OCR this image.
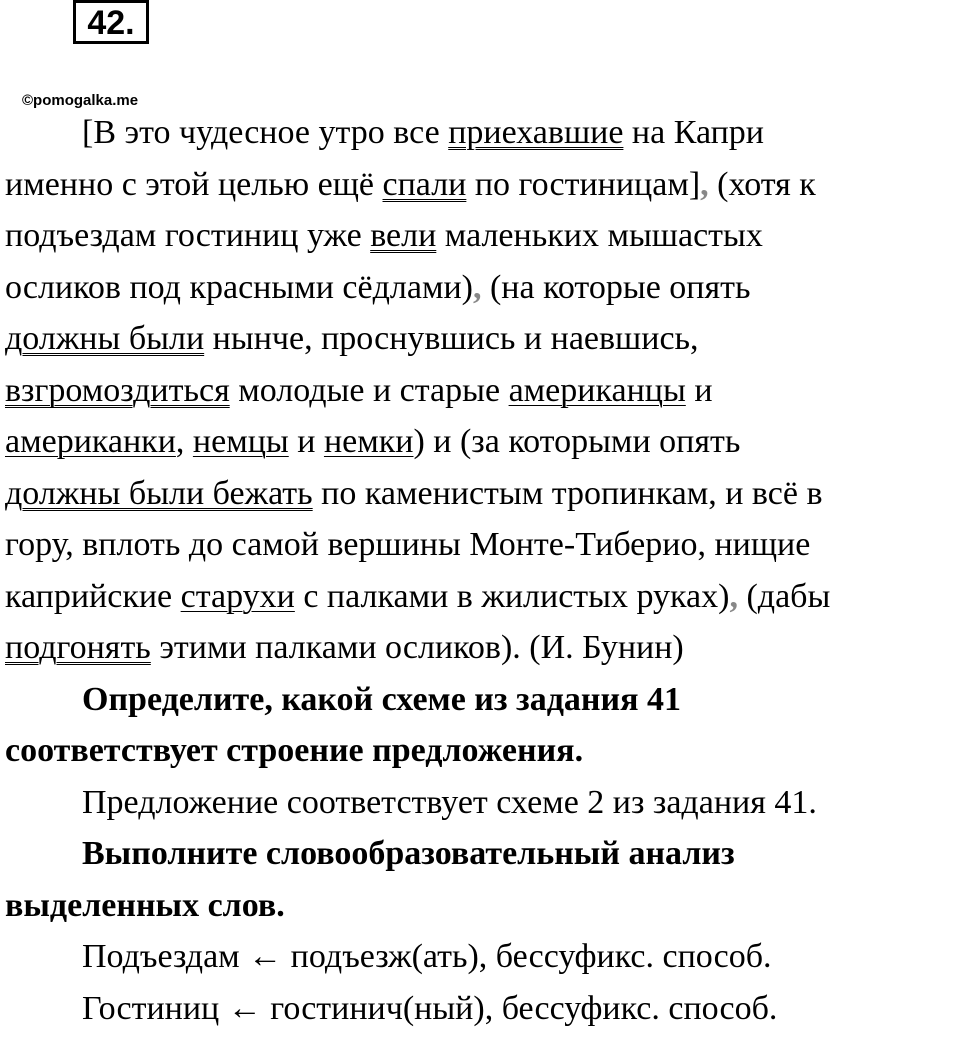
42.
©pomogalka.me
[В это чудесное утро все приехавшие на Капри
именно с этой целью ещё спали по гостиницам], (хотя к
подъездам гостиниц уже вели маленьких мышастых
осликов под красными сёдлами), (на которые опять
должны были нынче, проснувшись и наевшись,
взгромоздиться молодые и старые американцы и
американки, немцы и немки) и (за которыми опять
должны были бежать по каменистым тропинкам, и всё в
гору, вплоть до самой вершины Монте-Тиберио, нищие
каприйские старухи с палками в жилистых руках), (дабы
подгонять этими палками осликов). (И. Бунин)
Определите, какой схеме из задания 41
соответствует строение предложения.
Предложение соответствует схеме 2 из задания 41.
Выполните словообразовательный анализ
выделенных слов.
Подъездам ← подъезж(ать), бессуфикс. способ.
Гостиниц ← гостинич(ный), бессуфикс. способ.
